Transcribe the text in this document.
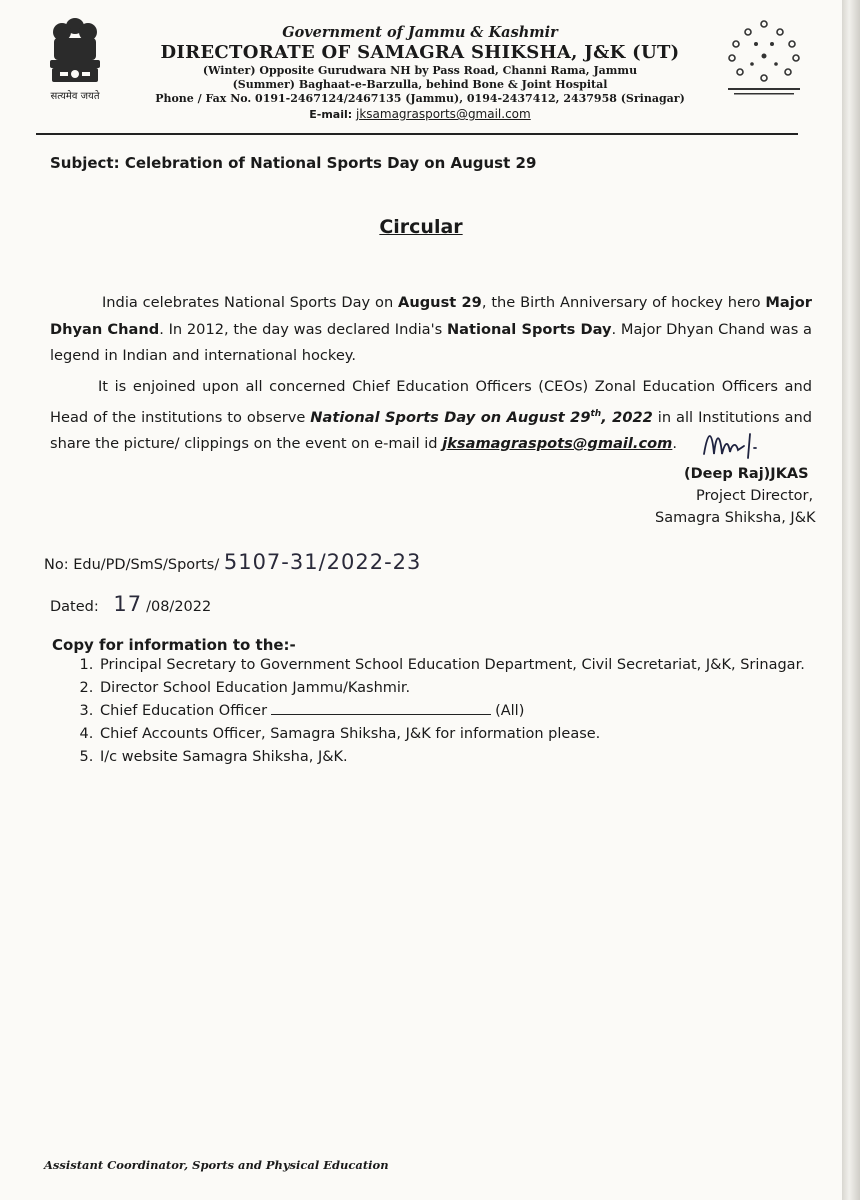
सत्यमेव जयते
Government of Jammu & Kashmir
DIRECTORATE OF SAMAGRA SHIKSHA, J&K (UT)
(Winter) Opposite Gurudwara NH by Pass Road, Channi Rama, Jammu
(Summer) Baghaat-e-Barzulla, behind Bone & Joint Hospital
Phone / Fax No. 0191-2467124/2467135 (Jammu), 0194-2437412, 2437958 (Srinagar)
E-mail: jksamagrasports@gmail.com
Subject: Celebration of National Sports Day on August 29
Circular
India celebrates National Sports Day on August 29, the Birth Anniversary of hockey hero Major Dhyan Chand. In 2012, the day was declared India's National Sports Day. Major Dhyan Chand was a legend in Indian and international hockey.
It is enjoined upon all concerned Chief Education Officers (CEOs) Zonal Education Officers and Head of the institutions to observe National Sports Day on August 29th, 2022 in all Institutions and share the picture/ clippings on the event on e-mail id jksamagraspots@gmail.com.
(Deep Raj)JKAS
Project Director,
Samagra Shiksha, J&K
No: Edu/PD/SmS/Sports/ 5107-31/2022-23
Dated: 17 /08/2022
Copy for information to the:-
1. Principal Secretary to Government School Education Department, Civil Secretariat, J&K, Srinagar.
2. Director School Education Jammu/Kashmir.
3. Chief Education Officer	(All)
4. Chief Accounts Officer, Samagra Shiksha, J&K for information please.
5. I/c website Samagra Shiksha, J&K.
Assistant Coordinator, Sports and Physical Education
